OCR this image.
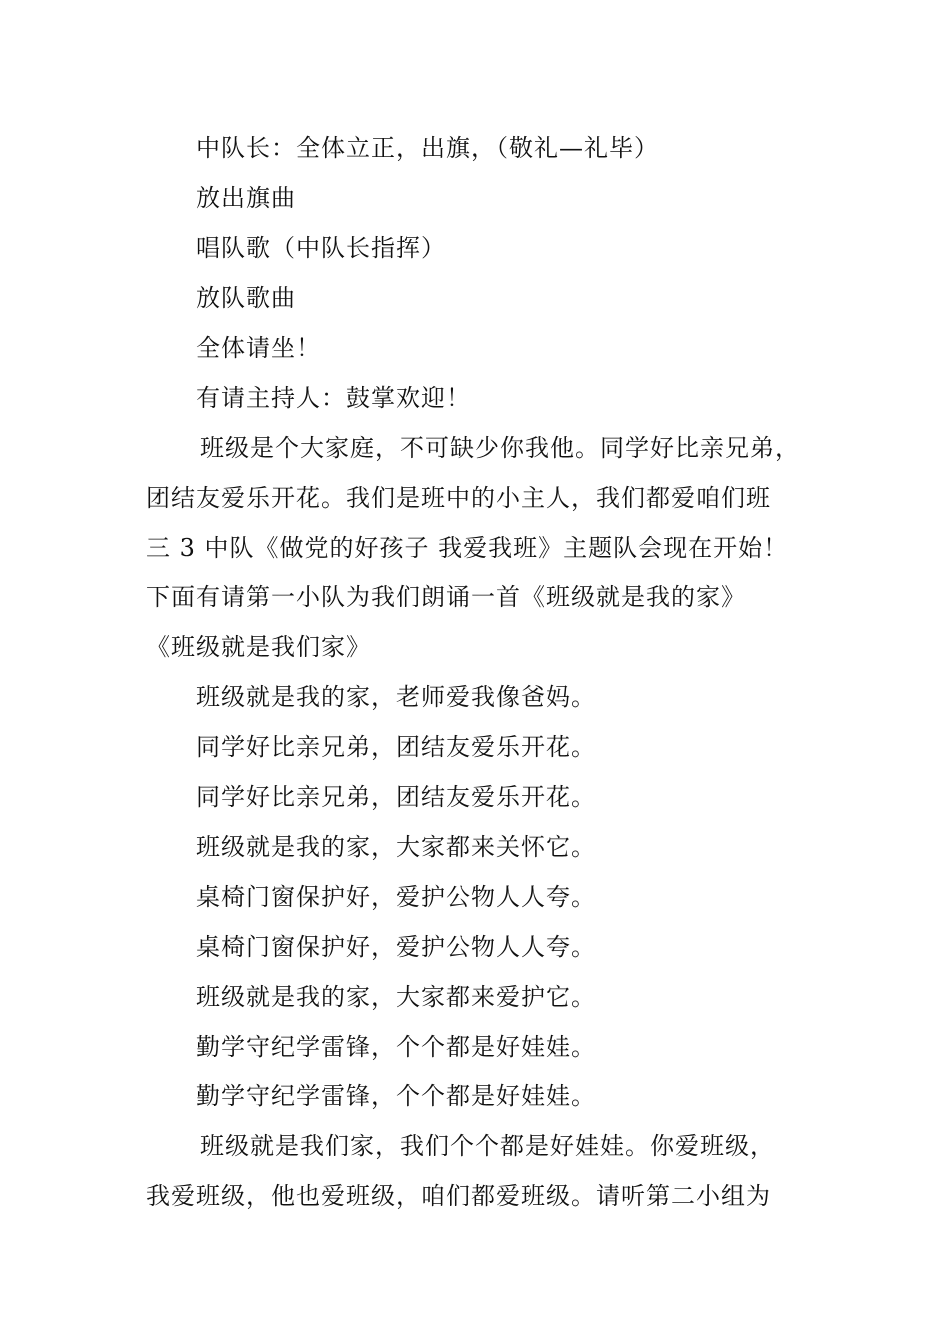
中队长：全体立正，出旗，（敬礼—礼毕）
放出旗曲
唱队歌（中队长指挥）
放队歌曲
全体请坐！
有请主持人：鼓掌欢迎！
班级是个大家庭，不可缺少你我他。同学好比亲兄弟，
团结友爱乐开花。我们是班中的小主人，我们都爱咱们班
三 3 中队《做党的好孩子 我爱我班》主题队会现在开始！
下面有请第一小队为我们朗诵一首《班级就是我的家》
《班级就是我们家》
班级就是我的家，老师爱我像爸妈。
同学好比亲兄弟，团结友爱乐开花。
同学好比亲兄弟，团结友爱乐开花。
班级就是我的家，大家都来关怀它。
桌椅门窗保护好，爱护公物人人夸。
桌椅门窗保护好，爱护公物人人夸。
班级就是我的家，大家都来爱护它。
勤学守纪学雷锋，个个都是好娃娃。
勤学守纪学雷锋，个个都是好娃娃。
班级就是我们家，我们个个都是好娃娃。你爱班级，
我爱班级，他也爱班级，咱们都爱班级。请听第二小组为
